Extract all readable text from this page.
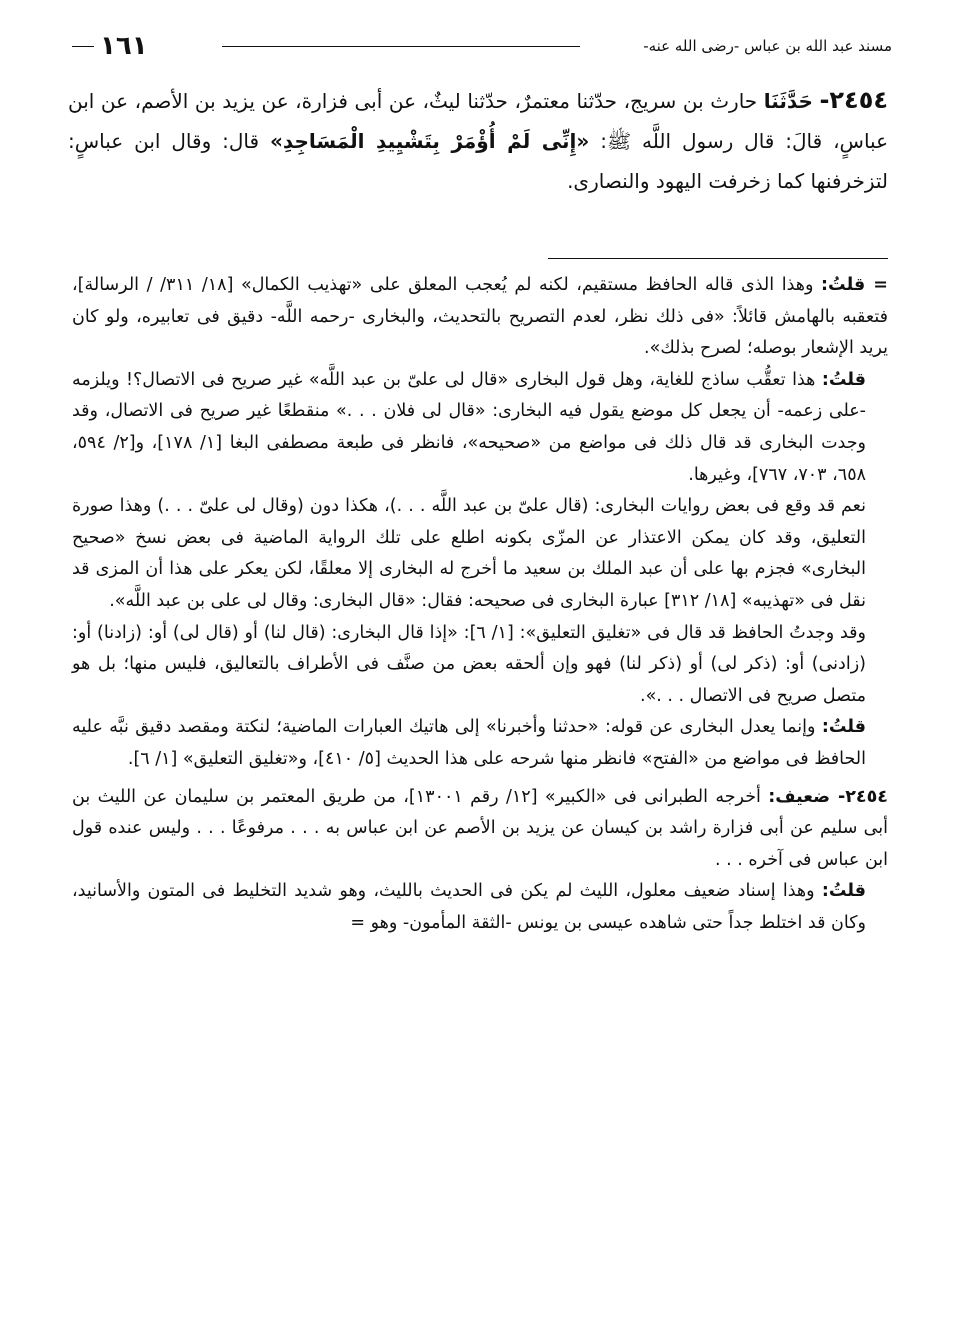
مسند عبد الله بن عباس -رضى الله عنه-
١٦١

٢٤٥٤- حَدَّثَنَا حارث بن سريج، حدّثنا معتمرٌ، حدّثنا ليثٌ، عن أبى فزارة، عن يزيد بن الأصم، عن ابن عباسٍ، قالَ: قال رسول اللَّه ﷺ: «إِنِّى لَمْ أُؤْمَرْ بِتَشْيِيدِ الْمَسَاجِدِ» قال: وقال ابن عباسٍ: لتزخرفنها كما زخرفت اليهود والنصارى.

= قلتُ: وهذا الذى قاله الحافظ مستقيم، لكنه لم يُعجب المعلق على «تهذيب الكمال» [١٨/ ٣١١/ / الرسالة]، فتعقبه بالهامش قائلاً: «فى ذلك نظر، لعدم التصريح بالتحديث، والبخارى -رحمه اللَّه- دقيق فى تعابيره، ولو كان يريد الإشعار بوصله؛ لصرح بذلك».

قلتُ: هذا تعقُّب ساذج للغاية، وهل قول البخارى «قال لى علىّ بن عبد اللَّه» غير صريح فى الاتصال؟! ويلزمه -على زعمه- أن يجعل كل موضع يقول فيه البخارى: «قال لى فلان . . .» منقطعًا غير صريح فى الاتصال، وقد وجدت البخارى قد قال ذلك فى مواضع من «صحيحه»، فانظر فى طبعة مصطفى البغا [١/ ١٧٨]، و[٢/ ٥٩٤، ٦٥٨، ٧٠٣، ٧٦٧]، وغيرها.

نعم قد وقع فى بعض روايات البخارى: (قال علىّ بن عبد اللَّه . . .)، هكذا دون (وقال لى علىّ . . .) وهذا صورة التعليق، وقد كان يمكن الاعتذار عن المزّى بكونه اطلع على تلك الرواية الماضية فى بعض نسخ «صحيح البخارى» فجزم بها على أن عبد الملك بن سعيد ما أخرج له البخارى إلا معلقًا، لكن يعكر على هذا أن المزى قد نقل فى «تهذيبه» [١٨/ ٣١٢] عبارة البخارى فى صحيحه: فقال: «قال البخارى: وقال لى على بن عبد اللَّه».

وقد وجدتُ الحافظ قد قال فى «تغليق التعليق»: [١/ ٦]: «إذا قال البخارى: (قال لنا) أو (قال لى) أو: (زادنا) أو: (زادنى) أو: (ذكر لى) أو (ذكر لنا) فهو وإن ألحقه بعض من صنَّف فى الأطراف بالتعاليق، فليس منها؛ بل هو متصل صريح فى الاتصال . . .».

قلتُ: وإنما يعدل البخارى عن قوله: «حدثنا وأخبرنا» إلى هاتيك العبارات الماضية؛ لنكتة ومقصد دقيق نبَّه عليه الحافظ فى مواضع من «الفتح» فانظر منها شرحه على هذا الحديث [٥/ ٤١٠]، و«تغليق التعليق» [١/ ٦].

٢٤٥٤- ضعيف: أخرجه الطبرانى فى «الكبير» [١٢/ رقم ١٣٠٠١]، من طريق المعتمر بن سليمان عن الليث بن أبى سليم عن أبى فزارة راشد بن كيسان عن يزيد بن الأصم عن ابن عباس به . . . مرفوعًا . . . وليس عنده قول ابن عباس فى آخره . . .

قلتُ: وهذا إسناد ضعيف معلول، الليث لم يكن فى الحديث بالليث، وهو شديد التخليط فى المتون والأسانيد، وكان قد اختلط جداً حتى شاهده عيسى بن يونس -الثقة المأمون- وهو =
